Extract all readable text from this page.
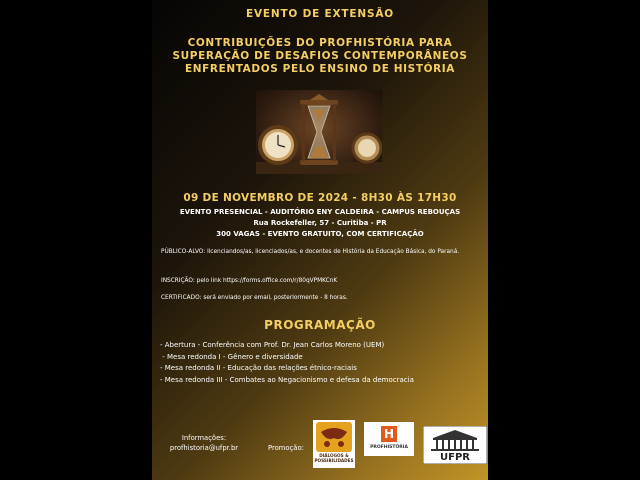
EVENTO DE EXTENSÃO
CONTRIBUIÇÕES DO PROFHISTÓRIA PARA
SUPERAÇÃO DE DESAFIOS CONTEMPORÂNEOS
ENFRENTADOS PELO ENSINO DE HISTÓRIA
09 DE NOVEMBRO DE 2024 - 8H30 ÀS 17H30
EVENTO PRESENCIAL - AUDITÓRIO ENY CALDEIRA - CAMPUS REBOUÇAS
Rua Rockefeller, 57 - Curitiba - PR
300 VAGAS - EVENTO GRATUITO, COM CERTIFICAÇÃO
PÚBLICO-ALVO: licenciandos/as, licenciados/as, e docentes de História da Educação Básica, do Paraná.
INSCRIÇÃO: pelo link https://forms.office.com/r/80qVPMKCnK
CERTIFICADO: será enviado por email, posteriormente - 8 horas.
PROGRAMAÇÃO
- Abertura - Conferência com Prof. Dr. Jean Carlos Moreno (UEM)
- Mesa redonda I - Gênero e diversidade
- Mesa redonda II - Educação das relações étnico-raciais
- Mesa redonda III - Combates ao Negacionismo e defesa da democracia
Informações:
profhistoria@ufpr.br	Promoção:
DIÁLOGOS & POSSIBILIDADES
H
PROFHISTÓRIA
UFPR
